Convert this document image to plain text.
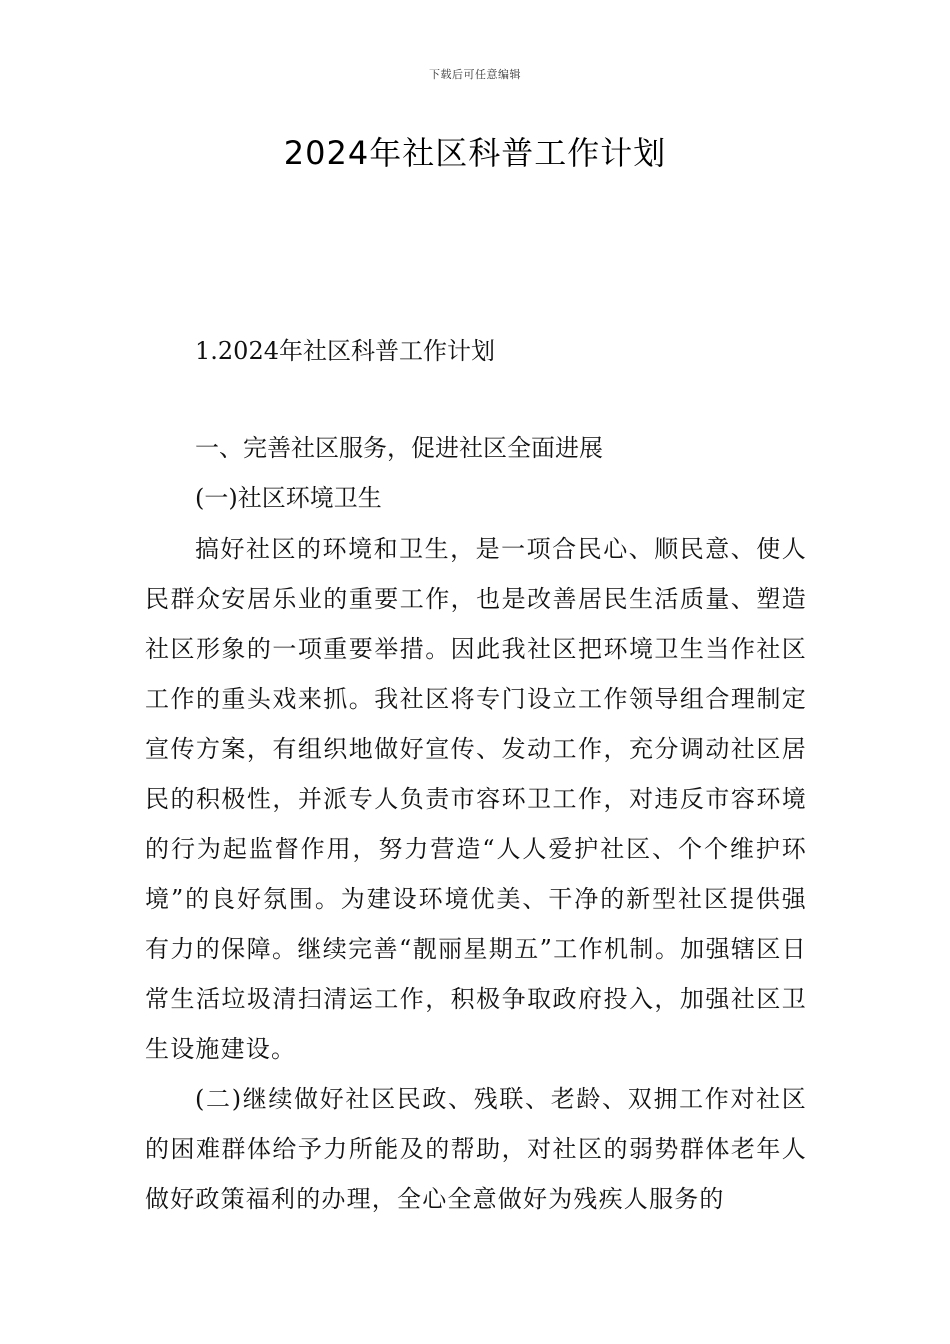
下载后可任意编辑
2024年社区科普工作计划
1.2024年社区科普工作计划
一、完善社区服务，促进社区全面进展
(一)社区环境卫生

搞好社区的环境和卫生，是一项合民心、顺民意、使人民群众安居乐业的重要工作，也是改善居民生活质量、塑造社区形象的一项重要举措。因此我社区把环境卫生当作社区工作的重头戏来抓。我社区将专门设立工作领导组合理制定宣传方案，有组织地做好宣传、发动工作，充分调动社区居民的积极性，并派专人负责市容环卫工作，对违反市容环境的行为起监督作用，努力营造“人人爱护社区、个个维护环境”的良好氛围。为建设环境优美、干净的新型社区提供强有力的保障。继续完善“靓丽星期五”工作机制。加强辖区日常生活垃圾清扫清运工作，积极争取政府投入，加强社区卫生设施建设。

(二)继续做好社区民政、残联、老龄、双拥工作对社区的困难群体给予力所能及的帮助，对社区的弱势群体老年人做好政策福利的办理，全心全意做好为残疾人服务的
